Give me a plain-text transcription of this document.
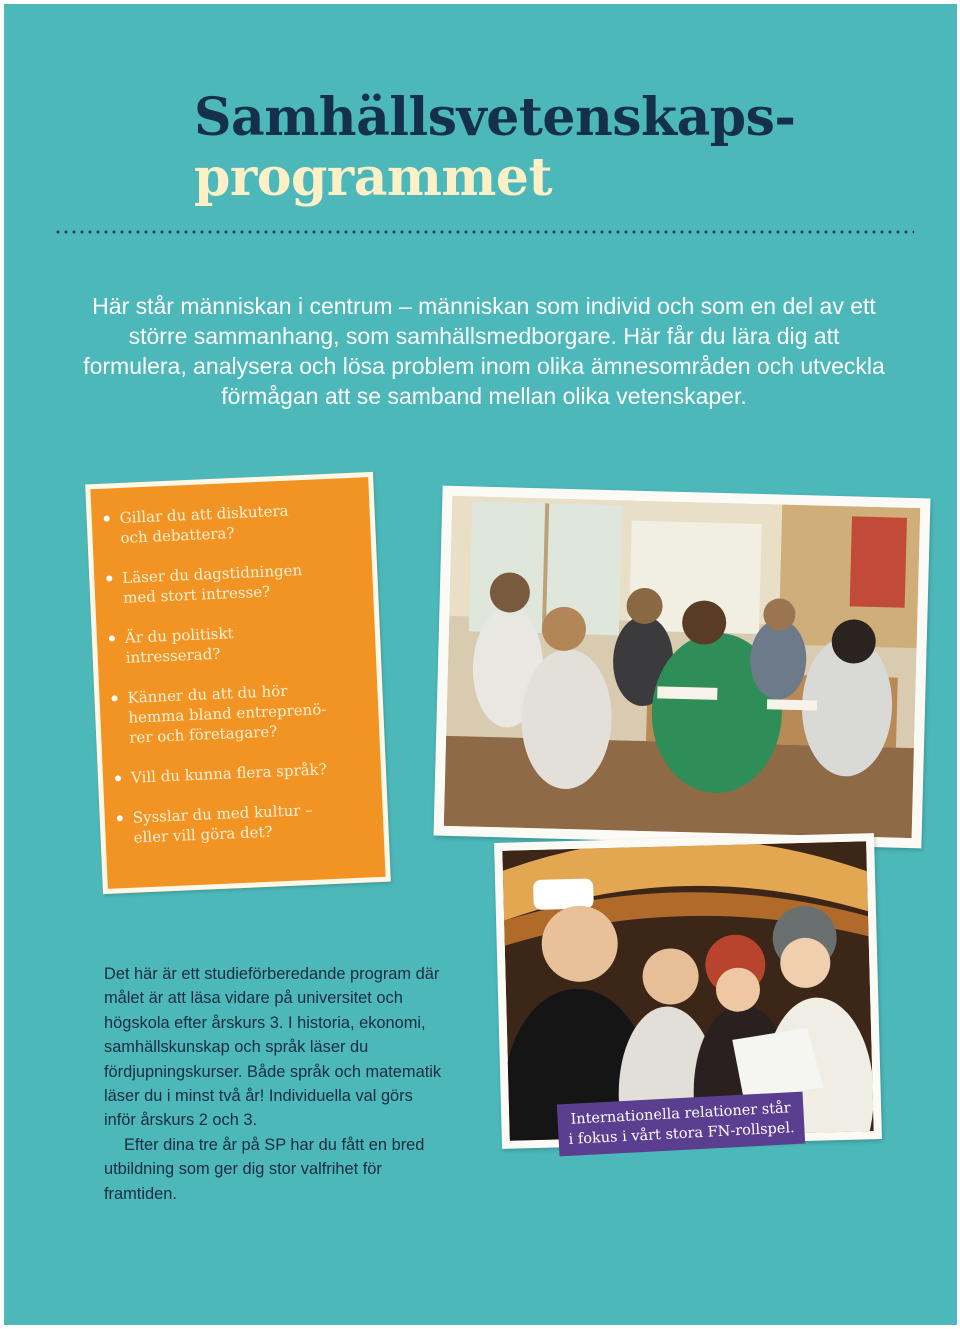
Samhällsvetenskaps-
programmet

Här står människan i centrum – människan som individ och som en del av ett större sammanhang, som samhällsmedborgare. Här får du lära dig att formulera, analysera och lösa problem inom olika ämnesområden och utveckla förmågan att se samband mellan olika vetenskaper.

Gillar du att diskutera
och debattera?
Läser du dagstidningen
med stort intresse?
Är du politiskt
intresserad?
Känner du att du hör
hemma bland entreprenö-
rer och företagare?
Vill du kunna flera språk?
Sysslar du med kultur –
eller vill göra det?
Internationella relationer står
i fokus i vårt stora FN-rollspel.

Det här är ett studieförberedande program där målet är att läsa vidare på universitet och högskola efter årskurs 3. I historia, ekonomi, samhällskunskap och språk läser du fördjupningskurser. Både språk och matematik läser du i minst två år! Individuella val görs inför årskurs 2 och 3.

Efter dina tre år på SP har du fått en bred utbildning som ger dig stor valfrihet för framtiden.
